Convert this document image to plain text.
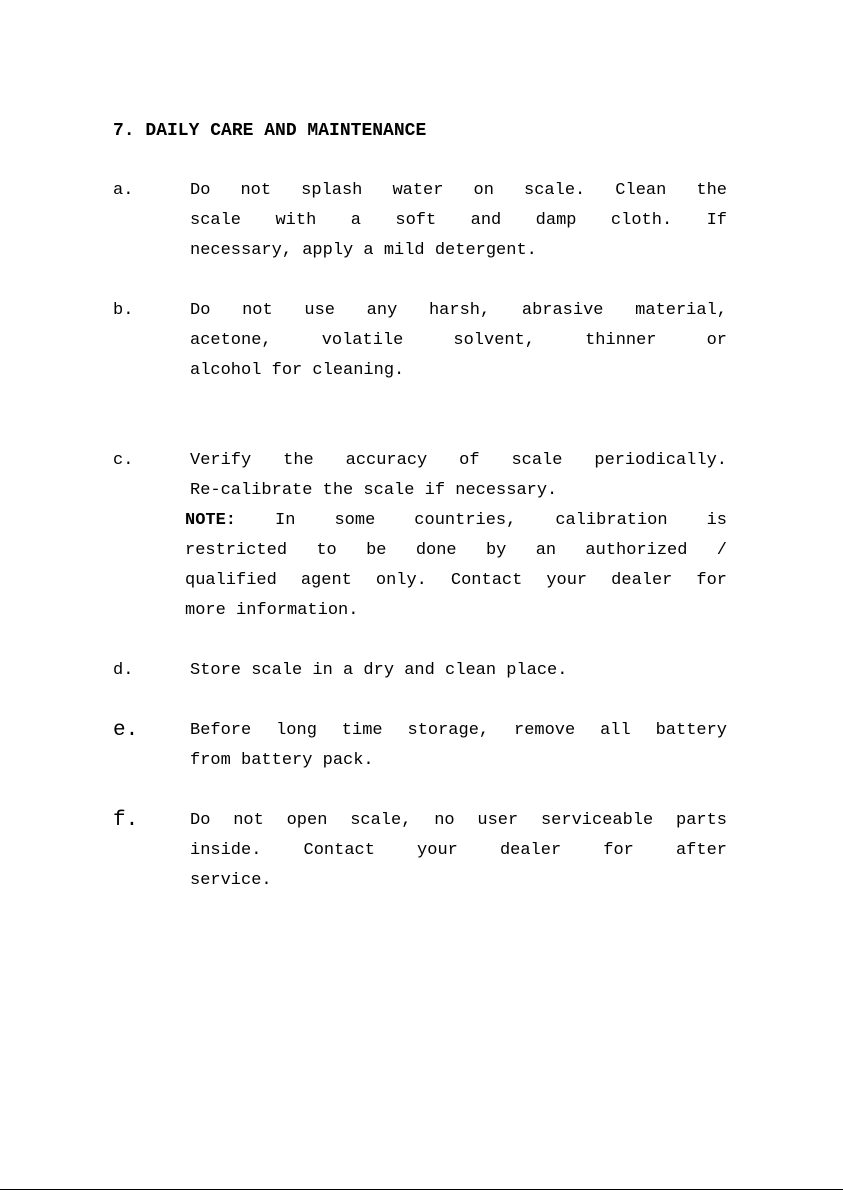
7. DAILY CARE AND MAINTENANCE
a.	Do not splash water on scale. Clean the
scale with a soft and damp cloth. If
necessary, apply a mild detergent.
b.	Do not use any harsh, abrasive material,
acetone, volatile solvent, thinner or
alcohol for cleaning.
c.	Verify the accuracy of scale periodically.
Re-calibrate the scale if necessary.
NOTE: In some countries, calibration is
restricted to be done by an authorized /
qualified agent only. Contact your dealer for
more information.
d.	Store scale in a dry and clean place.
e.	Before long time storage, remove all battery
from battery pack.
f.	Do not open scale, no user serviceable parts
inside. Contact your dealer for after
service.
